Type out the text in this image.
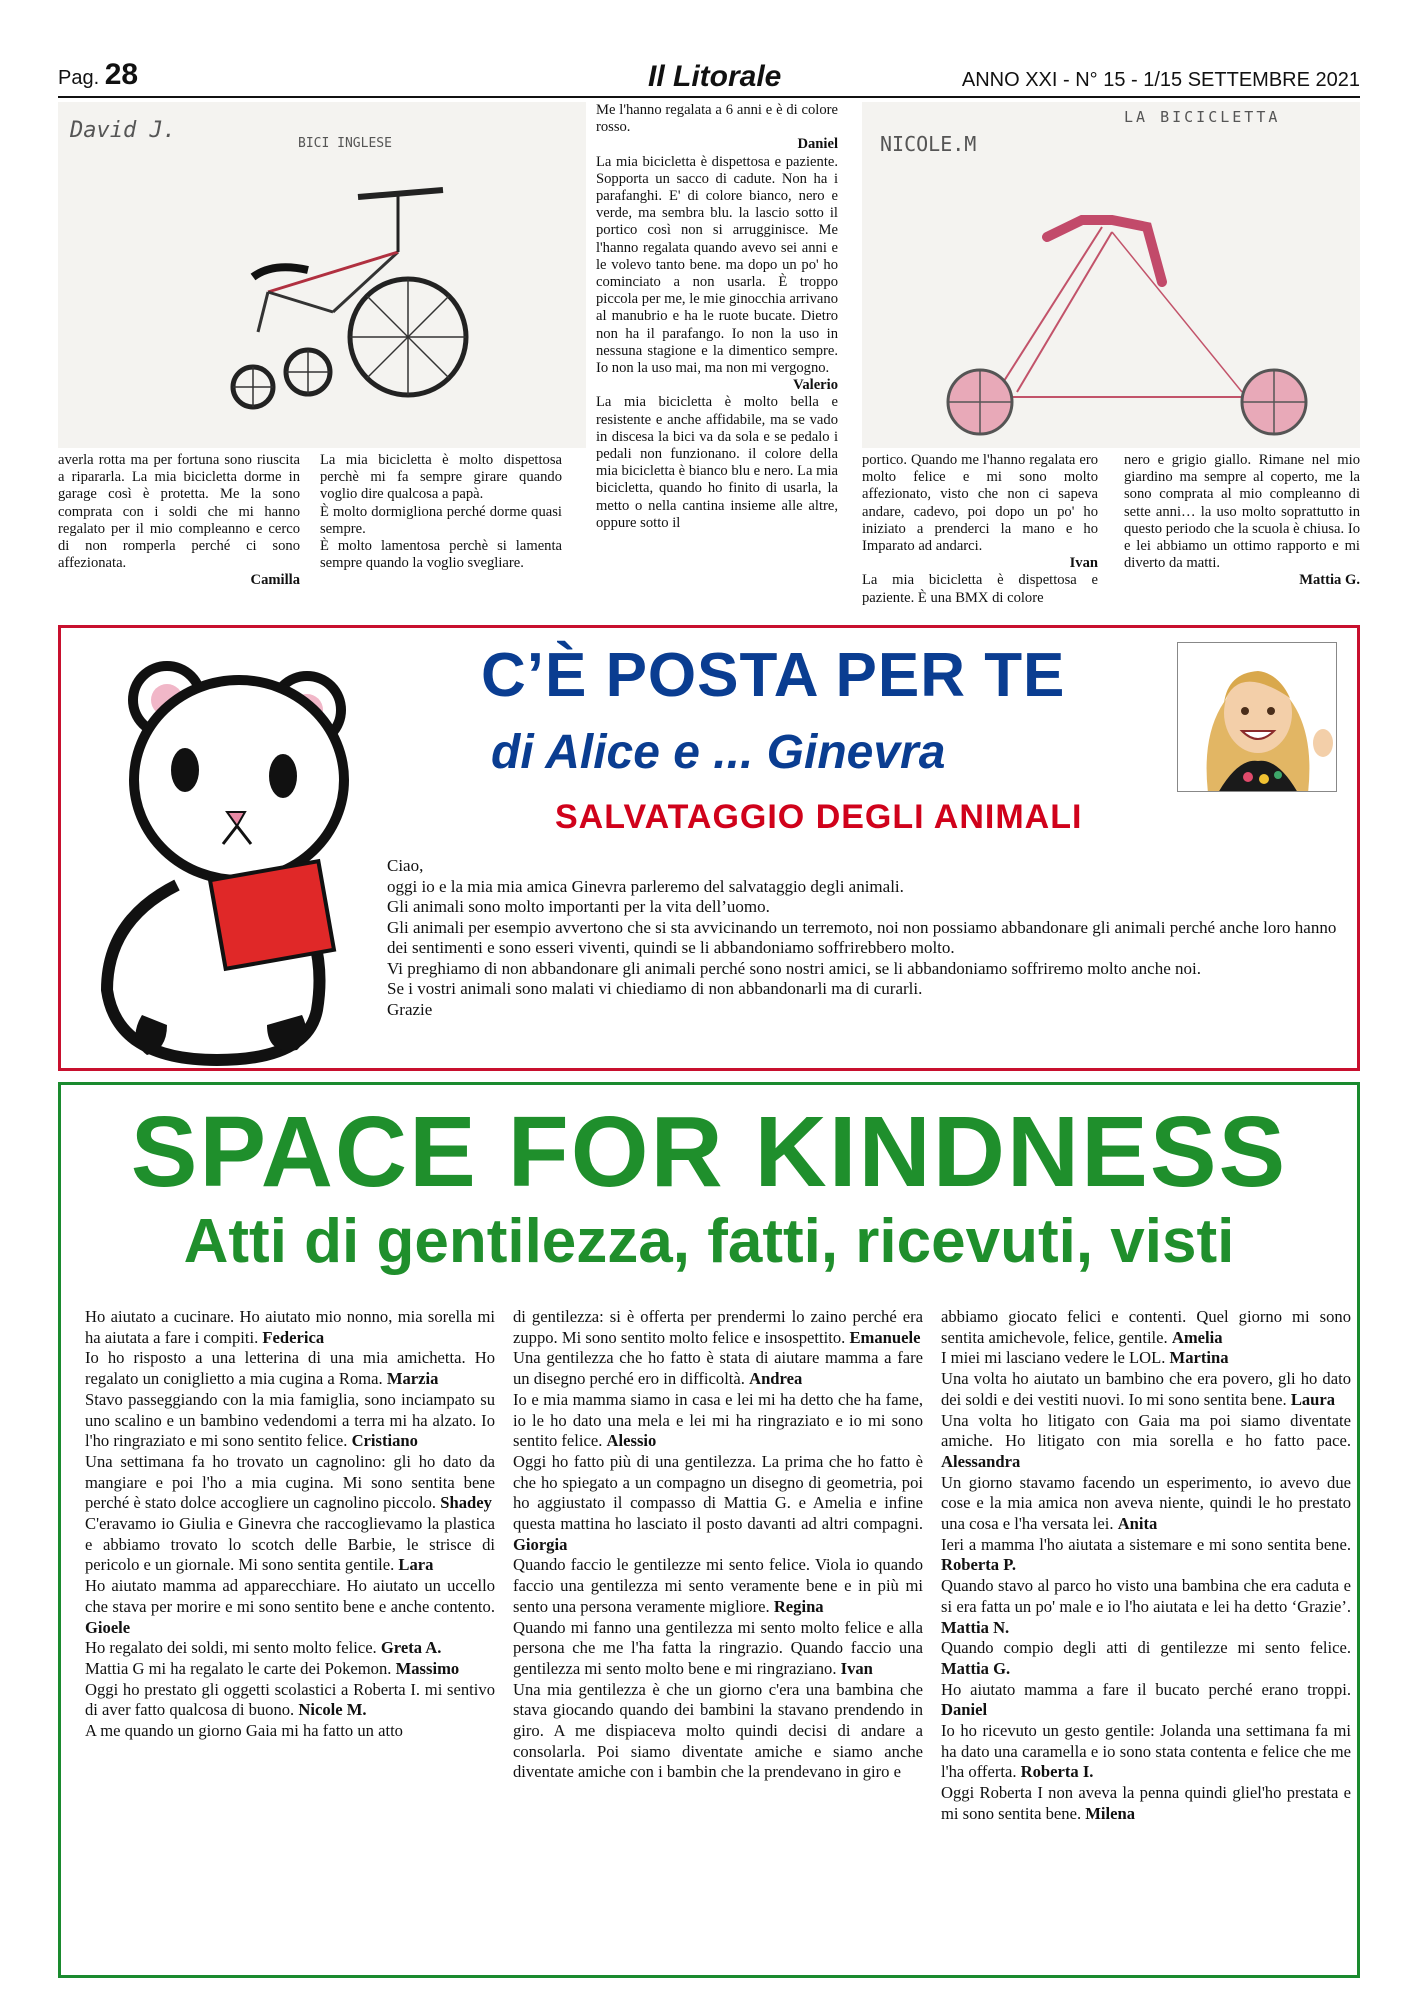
Pag. 28	Il Litorale	ANNO XXI - N° 15 - 1/15 SETTEMBRE 2021
David J.
BICI INGLESE	NICOLE.M
LA BICICLETTA

averla rotta ma per fortuna sono riuscita a ripararla. La mia bicicletta dorme in garage così è protetta. Me la sono comprata con i soldi che mi hanno regalato per il mio compleanno e cerco di non romperla perché ci sono affezionata.

Camilla

La mia bicicletta è molto dispettosa perchè mi fa sempre girare quando voglio dire qualcosa a papà.

È molto dormigliona perché dorme quasi sempre.

È molto lamentosa perchè si lamenta sempre quando la voglio svegliare.

Me l'hanno regalata a 6 anni e è di colore rosso.

Daniel

La mia bicicletta è dispettosa e paziente. Sopporta un sacco di cadute. Non ha i parafanghi. E' di colore bianco, nero e verde, ma sembra blu. la lascio sotto il portico così non si arrugginisce. Me l'hanno regalata quando avevo sei anni e le volevo tanto bene. ma dopo un po' ho cominciato a non usarla. È troppo piccola per me, le mie ginocchia arrivano al manubrio e ha le ruote bucate. Dietro non ha il parafango. Io non la uso in nessuna stagione e la dimentico sempre. Io non la uso mai, ma non mi vergogno.

Valerio

La mia bicicletta è molto bella e resistente e anche affidabile, ma se vado in discesa la bici va da sola e se pedalo i pedali non funzionano. il colore della mia bicicletta è bianco blu e nero. La mia bicicletta, quando ho finito di usarla, la metto o nella cantina insieme alle altre, oppure sotto il

portico. Quando me l'hanno regalata ero molto felice e mi sono molto affezionato, visto che non ci sapeva andare, cadevo, poi dopo un po' ho iniziato a prenderci la mano e ho Imparato ad andarci.

Ivan

La mia bicicletta è dispettosa e paziente. È una BMX di colore

nero e grigio giallo. Rimane nel mio giardino ma sempre al coperto, me la sono comprata al mio compleanno di sette anni… la uso molto soprattutto in questo periodo che la scuola è chiusa. Io e lei abbiamo un ottimo rapporto e mi diverto da matti.

Mattia G.

C’È POSTA PER TE
di Alice e ... Ginevra
SALVATAGGIO DEGLI ANIMALI

Ciao,

oggi io e la mia mia amica Ginevra parleremo del salvataggio degli animali.

Gli animali sono molto importanti per la vita dell’uomo.

Gli animali per esempio avvertono che si sta avvicinando un terremoto, noi non possiamo abbandonare gli animali perché anche loro hanno dei sentimenti e sono esseri viventi, quindi se li abbandoniamo soffrirebbero molto.

Vi preghiamo di non abbandonare gli animali perché sono nostri amici, se li abbandoniamo soffriremo molto anche noi.

Se i vostri animali sono malati vi chiediamo di non abbandonarli ma di curarli.

Grazie

SPACE FOR KINDNESS
Atti di gentilezza, fatti, ricevuti, visti

Ho aiutato a cucinare. Ho aiutato mio nonno, mia sorella mi ha aiutata a fare i compiti. Federica

Io ho risposto a una letterina di una mia amichetta. Ho regalato un coniglietto a mia cugina a Roma. Marzia

Stavo passeggiando con la mia famiglia, sono inciampato su uno scalino e un bambino vedendomi a terra mi ha alzato. Io l'ho ringraziato e mi sono sentito felice. Cristiano

Una settimana fa ho trovato un cagnolino: gli ho dato da mangiare e poi l'ho a mia cugina. Mi sono sentita bene perché è stato dolce accogliere un cagnolino piccolo. Shadey

C'eravamo io Giulia e Ginevra che raccoglievamo la plastica e abbiamo trovato lo scotch delle Barbie, le strisce di pericolo e un giornale. Mi sono sentita gentile. Lara

Ho aiutato mamma ad apparecchiare. Ho aiutato un uccello che stava per morire e mi sono sentito bene e anche contento. Gioele

Ho regalato dei soldi, mi sento molto felice. Greta A.

Mattia G mi ha regalato le carte dei Pokemon. Massimo

Oggi ho prestato gli oggetti scolastici a Roberta I. mi sentivo di aver fatto qualcosa di buono. Nicole M.

A me quando un giorno Gaia mi ha fatto un atto

di gentilezza: si è offerta per prendermi lo zaino perché era zuppo. Mi sono sentito molto felice e insospettito. Emanuele

Una gentilezza che ho fatto è stata di aiutare mamma a fare un disegno perché ero in difficoltà. Andrea

Io e mia mamma siamo in casa e lei mi ha detto che ha fame, io le ho dato una mela e lei mi ha ringraziato e io mi sono sentito felice. Alessio

Oggi ho fatto più di una gentilezza. La prima che ho fatto è che ho spiegato a un compagno un disegno di geometria, poi ho aggiustato il compasso di Mattia G. e Amelia e infine questa mattina ho lasciato il posto davanti ad altri compagni. Giorgia

Quando faccio le gentilezze mi sento felice. Viola io quando faccio una gentilezza mi sento veramente bene e in più mi sento una persona veramente migliore. Regina

Quando mi fanno una gentilezza mi sento molto felice e alla persona che me l'ha fatta la ringrazio. Quando faccio una gentilezza mi sento molto bene e mi ringraziano. Ivan

Una mia gentilezza è che un giorno c'era una bambina che stava giocando quando dei bambini la stavano prendendo in giro. A me dispiaceva molto quindi decisi di andare a consolarla. Poi siamo diventate amiche e siamo anche diventate amiche con i bambin che la prendevano in giro e

abbiamo giocato felici e contenti. Quel giorno mi sono sentita amichevole, felice, gentile. Amelia

I miei mi lasciano vedere le LOL. Martina

Una volta ho aiutato un bambino che era povero, gli ho dato dei soldi e dei vestiti nuovi. Io mi sono sentita bene. Laura

Una volta ho litigato con Gaia ma poi siamo diventate amiche. Ho litigato con mia sorella e ho fatto pace. Alessandra

Un giorno stavamo facendo un esperimento, io avevo due cose e la mia amica non aveva niente, quindi le ho prestato una cosa e l'ha versata lei. Anita

Ieri a mamma l'ho aiutata a sistemare e mi sono sentita bene. Roberta P.

Quando stavo al parco ho visto una bambina che era caduta e si era fatta un po' male e io l'ho aiutata e lei ha detto ‘Grazie’. Mattia N.

Quando compio degli atti di gentilezze mi sento felice. Mattia G.

Ho aiutato mamma a fare il bucato perché erano troppi. Daniel

Io ho ricevuto un gesto gentile: Jolanda una settimana fa mi ha dato una caramella e io sono stata contenta e felice che me l'ha offerta. Roberta I.

Oggi Roberta I non aveva la penna quindi gliel'ho prestata e mi sono sentita bene. Milena
